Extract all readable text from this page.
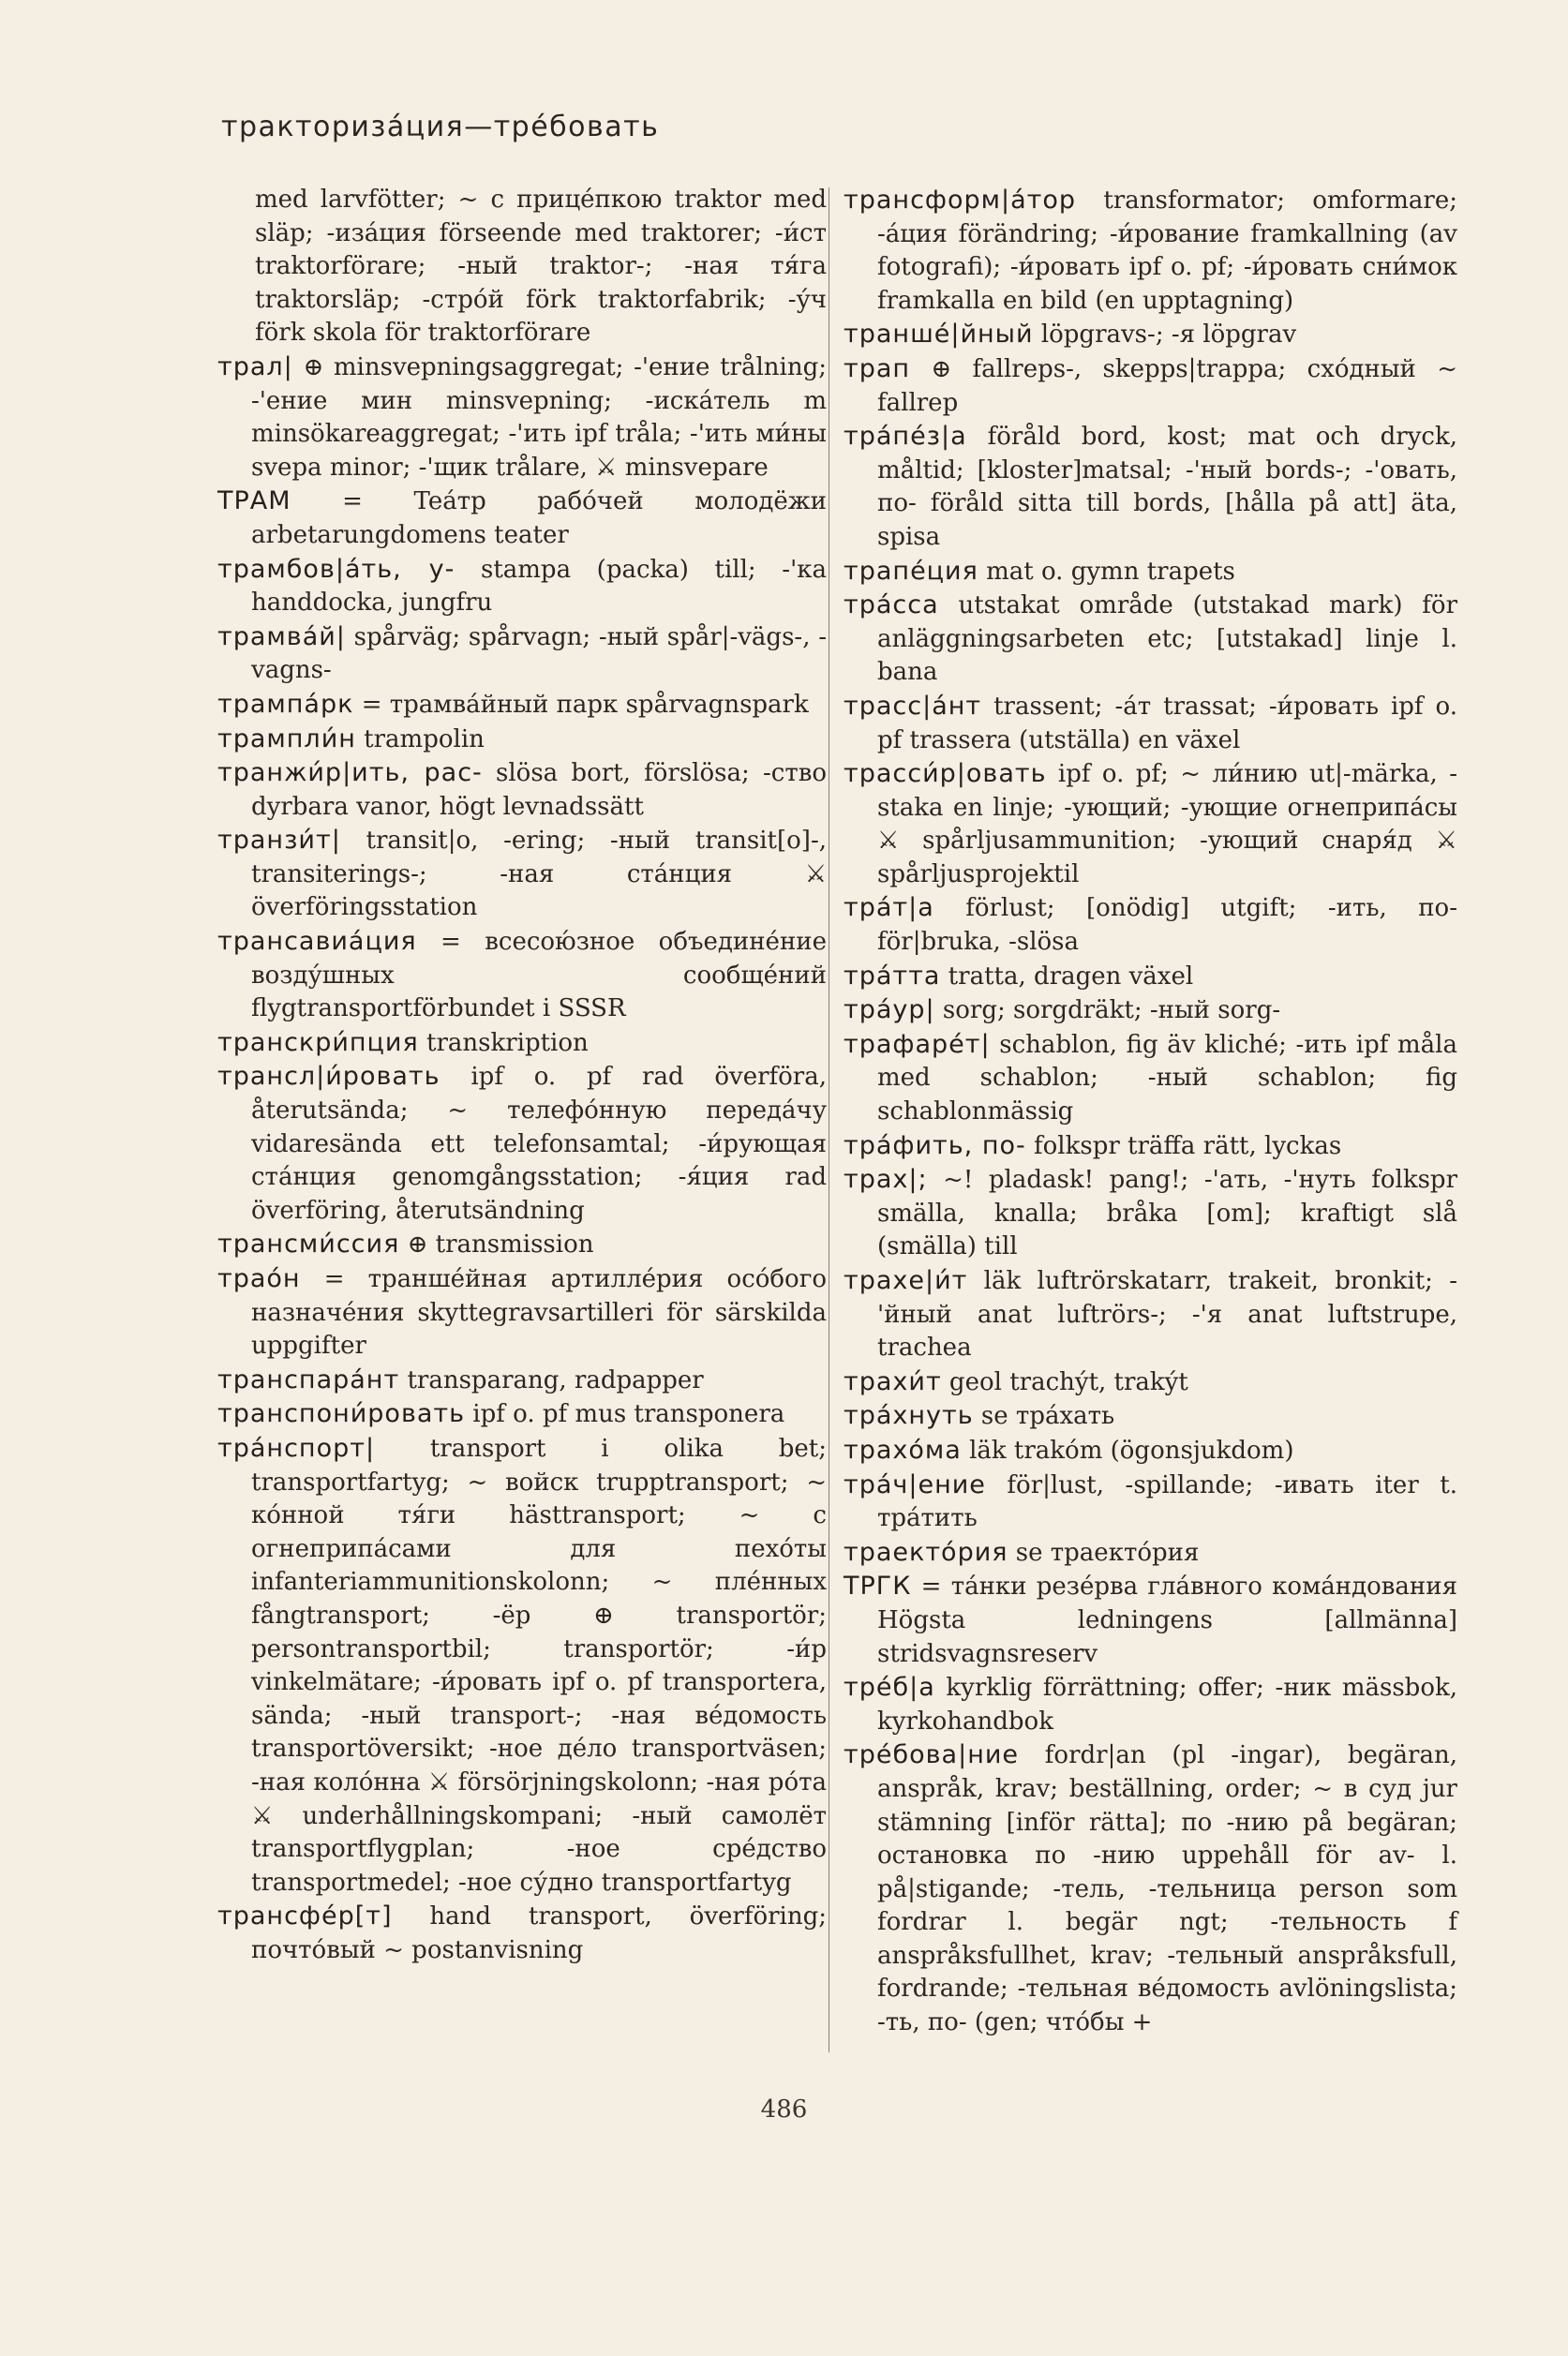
тракторизáция—трéбовать

med larvfötter; ~ с прицéпкою traktor med släp; -изáция förseende med traktorer; -и́ст traktorförare; -ный traktor-; -ная тя́га traktorsläp; -стрóй förk traktorfabrik; -у́ч förk skola för traktorförare

трал| ⊕ minsvepningsaggregat; -'ение trålning; -'ение мин minsvepning; -искáтель m minsökareaggregat; -'ить ipf tråla; -'ить ми́ны svepa minor; -'щик trålare, ⚔ minsvepare

ТРАМ = Teáтр рабóчей молодёжи arbetarungdomens teater

трамбов|áть, у- stampa (packa) till; -'ка handdocka, jungfru

трамвáй| spårväg; spårvagn; -ный spår|-vägs-, -vagns-

трампáрк = трамвáйный парк spårvagnspark

трампли́н trampolin

транжи́р|ить, рас- slösa bort, förslösa; -ство dyrbara vanor, högt levnadssätt

транзи́т| transit|o, -ering; -ный transit[o]-, transiterings-; -ная стáнция ⚔ överföringsstation

трансавиáция = всесою́зное объединéние возду́шных сообщéний flygtransportförbundet i SSSR

транскри́пция transkription

трансл|и́ровать ipf o. pf rad överföra, återutsända; ~ телефóнную передáчу vidaresända ett telefonsamtal; -и́рующая стáнция genomgångsstation; -я́ция rad överföring, återutsändning

трансми́ссия ⊕ transmission

траóн = траншéйная артиллéрия осóбого назначéния skyttegravsartilleri för särskilda uppgifter

транспарáнт transparang, radpapper

транспони́ровать ipf o. pf mus transponera

трáнспорт| transport i olika bet; transportfartyg; ~ войск trupptransport; ~ кóнной тя́ги hästtransport; ~ с огнеприпáсами для пехóты infanteriammunitionskolonn; ~ плéнных fångtransport; -ёр ⊕ transportör; persontransportbil; transportör; -и́р vinkelmätare; -и́ровать ipf o. pf transportera, sända; -ный transport-; -ная вéдомость transportöversikt; -ное дéло transportväsen; -ная колóнна ⚔ försörjningskolonn; -ная рóта ⚔ underhållningskompani; -ный самолёт transportflygplan; -ное срéдство transportmedel; -ное су́дно transportfartyg

трансфéр[т] hand transport, överföring; почтóвый ~ postanvisning

трансформ|áтор transformator; omformare; -áция förändring; -и́рование framkallning (av fotografi); -и́ровать ipf o. pf; -и́ровать сни́мок framkalla en bild (en upptagning)

траншé|йный löpgravs-; -я löpgrav

трап ⊕ fallreps-, skepps|trappa; схóдный ~ fallrep

трáпéз|а föråld bord, kost; mat och dryck, måltid; [kloster]matsal; -'ный bords-; -'овать, по- föråld sitta till bords, [hålla på att] äta, spisa

трапéция mat o. gymn trapets

трáсса utstakat område (utstakad mark) för anläggningsarbeten etc; [utstakad] linje l. bana

трасс|áнт trassent; -áт trassat; -и́ровать ipf o. pf trassera (utställa) en växel

трасси́р|овать ipf o. pf; ~ ли́нию ut|-märka, -staka en linje; -ующий; -ующие огнеприпáсы ⚔ spårljusammunition; -ующий снаря́д ⚔ spårljusprojektil

трáт|а förlust; [onödig] utgift; -ить, по-för|bruka, -slösa

трáтта tratta, dragen växel

трáур| sorg; sorgdräkt; -ный sorg-

трафарéт| schablon, fig äv kliché; -ить ipf måla med schablon; -ный schablon; fig schablonmässig

трáфить, по- folkspr träffa rätt, lyckas

трах|; ~! pladask! pang!; -'ать, -'нуть folkspr smälla, knalla; bråka [om]; kraftigt slå (smälla) till

трахе|и́т läk luftrörskatarr, trakeit, bronkit; -'йный anat luftrörs-; -'я anat luftstrupe, trachea

трахи́т geol trachýt, trakýt

трáхнуть se трáхать

трахóма läk trakóm (ögonsjukdom)

трáч|ение för|lust, -spillande; -ивать iter t. трáтить

траектóрия se траектóрия

ТРГК = тáнки резéрва глáвного комáндования Högsta ledningens [allmänna] stridsvagnsreserv

трéб|а kyrklig förrättning; offer; -ник mässbok, kyrkohandbok

трéбова|ние fordr|an (pl -ingar), begäran, anspråk, krav; beställning, order; ~ в суд jur stämning [inför rätta]; по -нию på begäran; остановка по -нию uppehåll för av- l. på|stigande; -тель, -тельница person som fordrar l. begär ngt; -тельность f anspråksfullhet, krav; -тельный anspråksfull, fordrande; -тельная вéдомость avlöningslista; -ть, по- (gen; чтóбы +

486
